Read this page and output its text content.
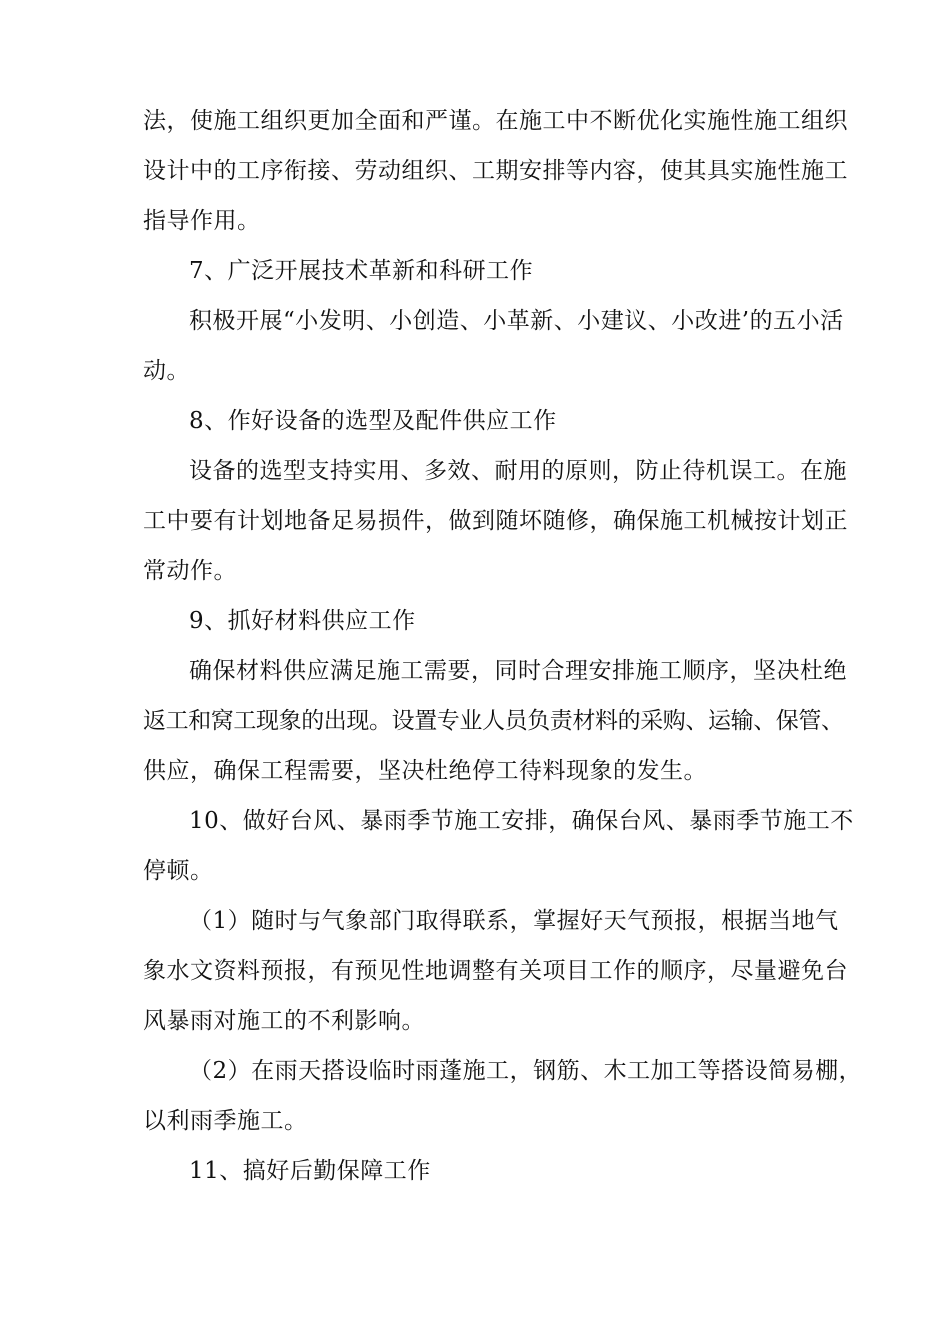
法，使施工组织更加全面和严谨。在施工中不断优化实施性施工组织
设计中的工序衔接、劳动组织、工期安排等内容，使其具实施性施工
指导作用。
7、广泛开展技术革新和科研工作
积极开展“小发明、小创造、小革新、小建议、小改进’的五小活
动。
8、作好设备的选型及配件供应工作
设备的选型支持实用、多效、耐用的原则，防止待机误工。在施
工中要有计划地备足易损件，做到随坏随修，确保施工机械按计划正
常动作。
9、抓好材料供应工作
确保材料供应满足施工需要，同时合理安排施工顺序，坚决杜绝
返工和窝工现象的出现。设置专业人员负责材料的采购、运输、保管、
供应，确保工程需要，坚决杜绝停工待料现象的发生。
10、做好台风、暴雨季节施工安排，确保台风、暴雨季节施工不
停顿。
（1）随时与气象部门取得联系，掌握好天气预报，根据当地气
象水文资料预报，有预见性地调整有关项目工作的顺序，尽量避免台
风暴雨对施工的不利影响。
（2）在雨天搭设临时雨蓬施工，钢筋、木工加工等搭设简易棚，
以利雨季施工。
11、搞好后勤保障工作
